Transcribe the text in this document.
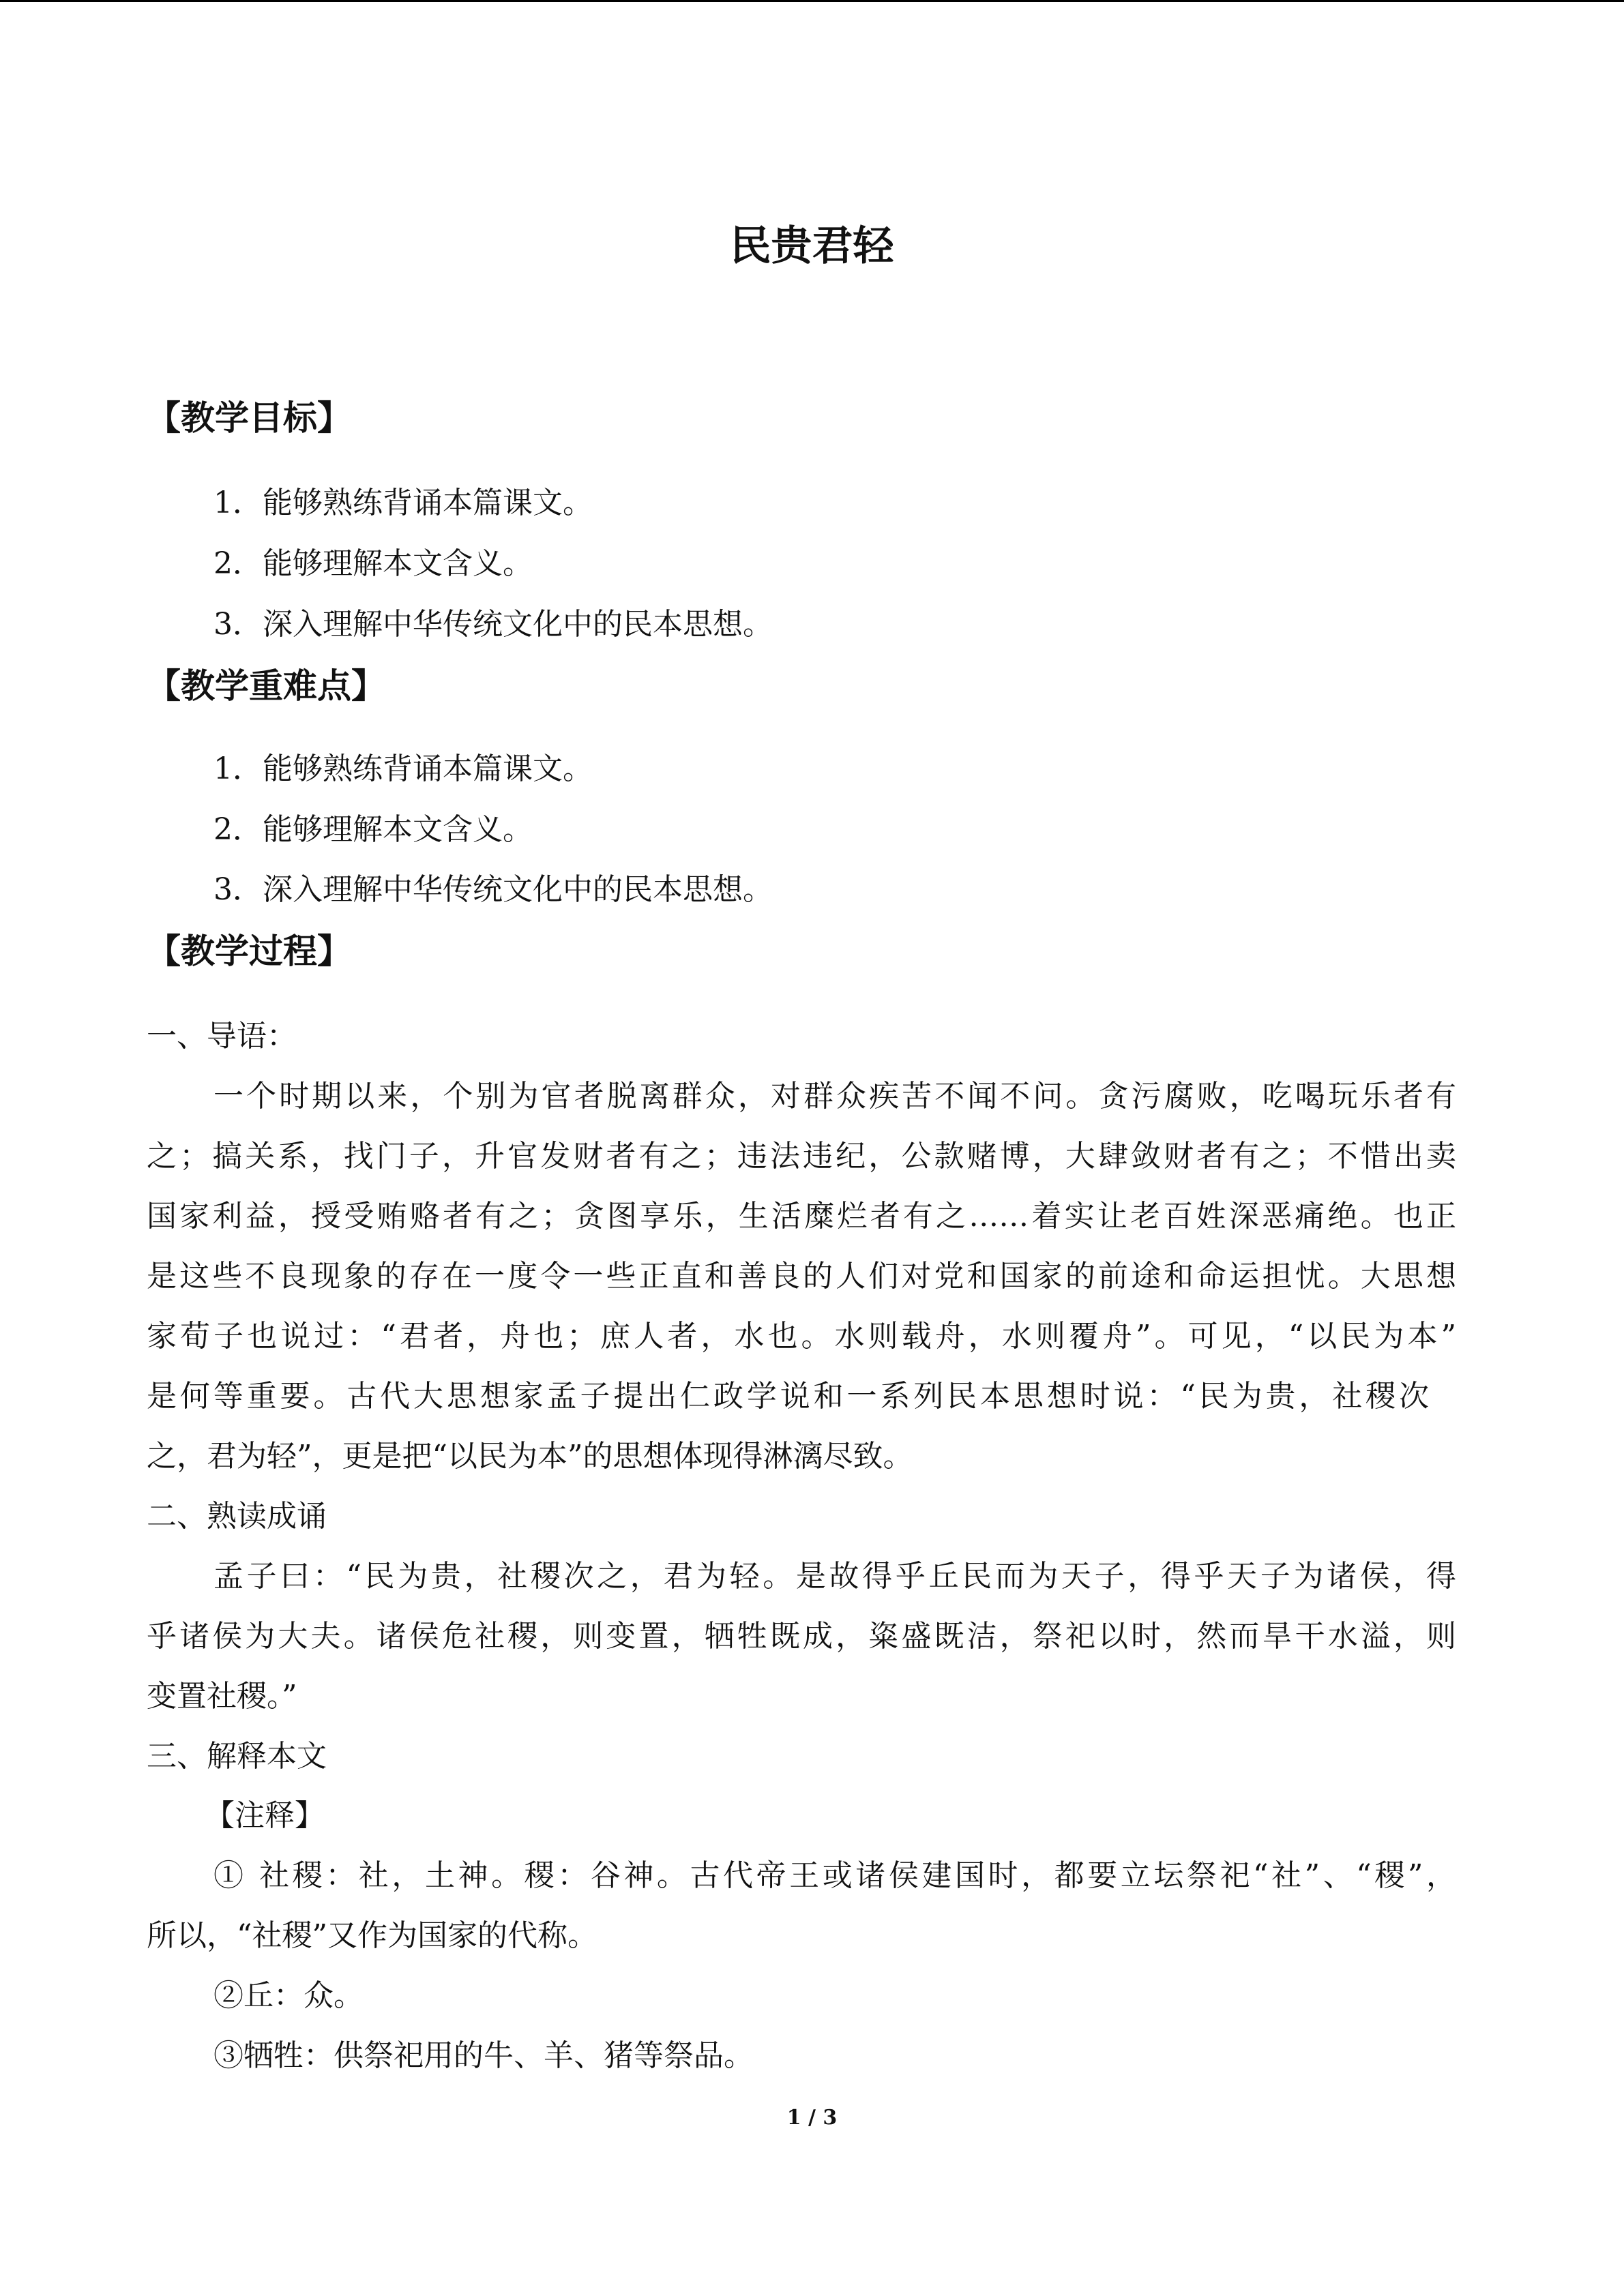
民贵君轻
【教学目标】
1．能够熟练背诵本篇课文。
2．能够理解本文含义。
3．深入理解中华传统文化中的民本思想。
【教学重难点】
1．能够熟练背诵本篇课文。
2．能够理解本文含义。
3．深入理解中华传统文化中的民本思想。
【教学过程】
一、导语：
一个时期以来，个别为官者脱离群众，对群众疾苦不闻不问。贪污腐败，吃喝玩乐者有
之；搞关系，找门子，升官发财者有之；违法违纪，公款赌博，大肆敛财者有之；不惜出卖
国家利益，授受贿赂者有之；贪图享乐，生活糜烂者有之……着实让老百姓深恶痛绝。也正
是这些不良现象的存在一度令一些正直和善良的人们对党和国家的前途和命运担忧。大思想
家荀子也说过：“君者，舟也；庶人者，水也。水则载舟，水则覆舟”。可见，“以民为本”
是何等重要。古代大思想家孟子提出仁政学说和一系列民本思想时说：“民为贵，社稷次
之，君为轻”，更是把“以民为本”的思想体现得淋漓尽致。
二、熟读成诵
孟子曰：“民为贵，社稷次之，君为轻。是故得乎丘民而为天子，得乎天子为诸侯，得
乎诸侯为大夫。诸侯危社稷，则变置，牺牲既成，粢盛既洁，祭祀以时，然而旱干水溢，则
变置社稷。”
三、解释本文
【注释】
① 社稷：社，土神。稷：谷神。古代帝王或诸侯建国时，都要立坛祭祀“社”、“稷”，
所以，“社稷”又作为国家的代称。
②丘：众。
③牺牲：供祭祀用的牛、羊、猪等祭品。
1 / 3
